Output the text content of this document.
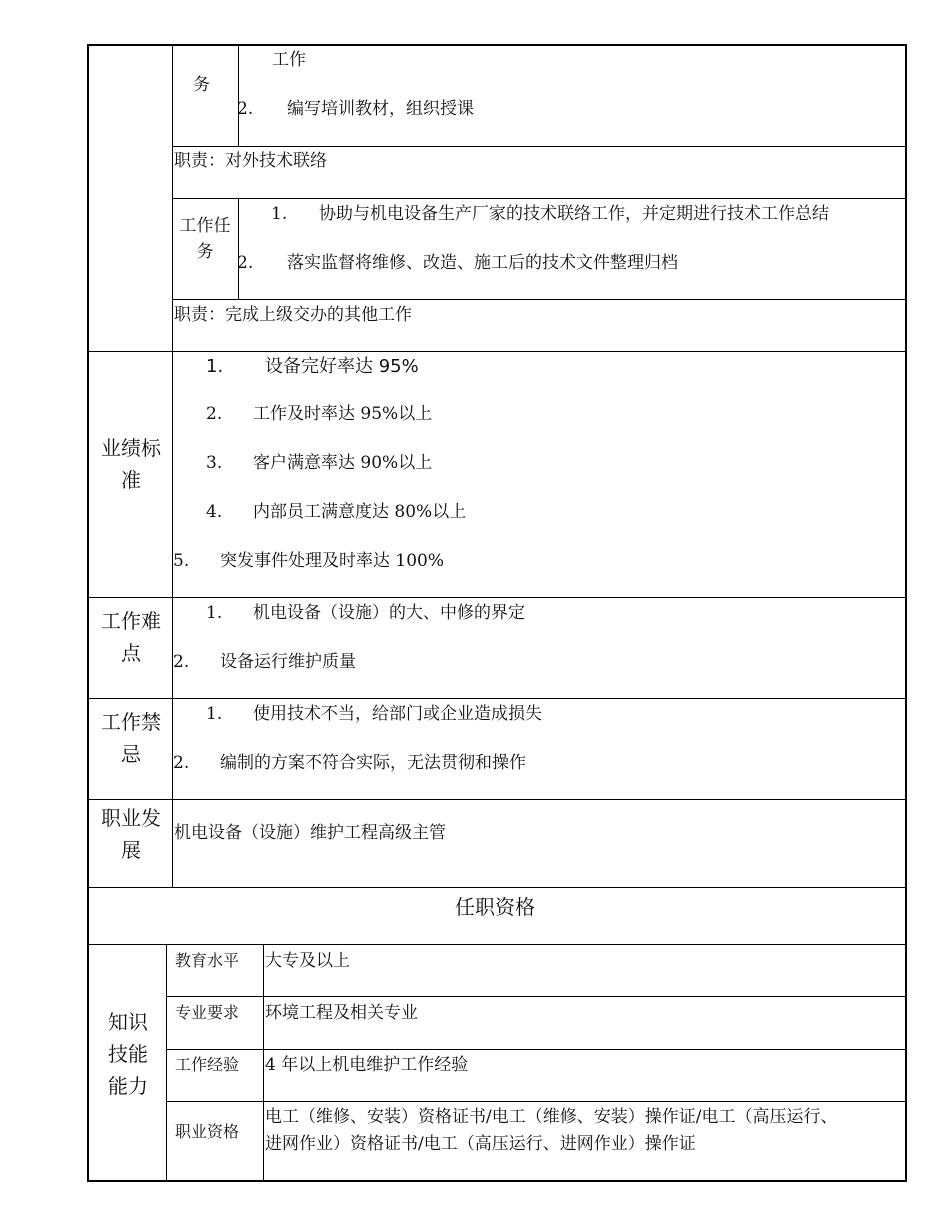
务
工作
2. 编写培训教材，组织授课
职责：对外技术联络
工作任务
1. 协助与机电设备生产厂家的技术联络工作，并定期进行技术工作总结
2. 落实监督将维修、改造、施工后的技术文件整理归档
职责：完成上级交办的其他工作
业绩标准
1. 设备完好率达 95%
2. 工作及时率达 95%以上
3. 客户满意率达 90%以上
4. 内部员工满意度达 80%以上
5. 突发事件处理及时率达 100%
工作难点
1. 机电设备（设施）的大、中修的界定
2. 设备运行维护质量
工作禁忌
1. 使用技术不当，给部门或企业造成损失
2. 编制的方案不符合实际，无法贯彻和操作
职业发展
机电设备（设施）维护工程高级主管
任职资格
知识技能能力
教育水平 大专及以上
专业要求 环境工程及相关专业
工作经验 4 年以上机电维护工作经验
职业资格
电工（维修、安装）资格证书/电工（维修、安装）操作证/电工（高压运行、
进网作业）资格证书/电工（高压运行、进网作业）操作证
